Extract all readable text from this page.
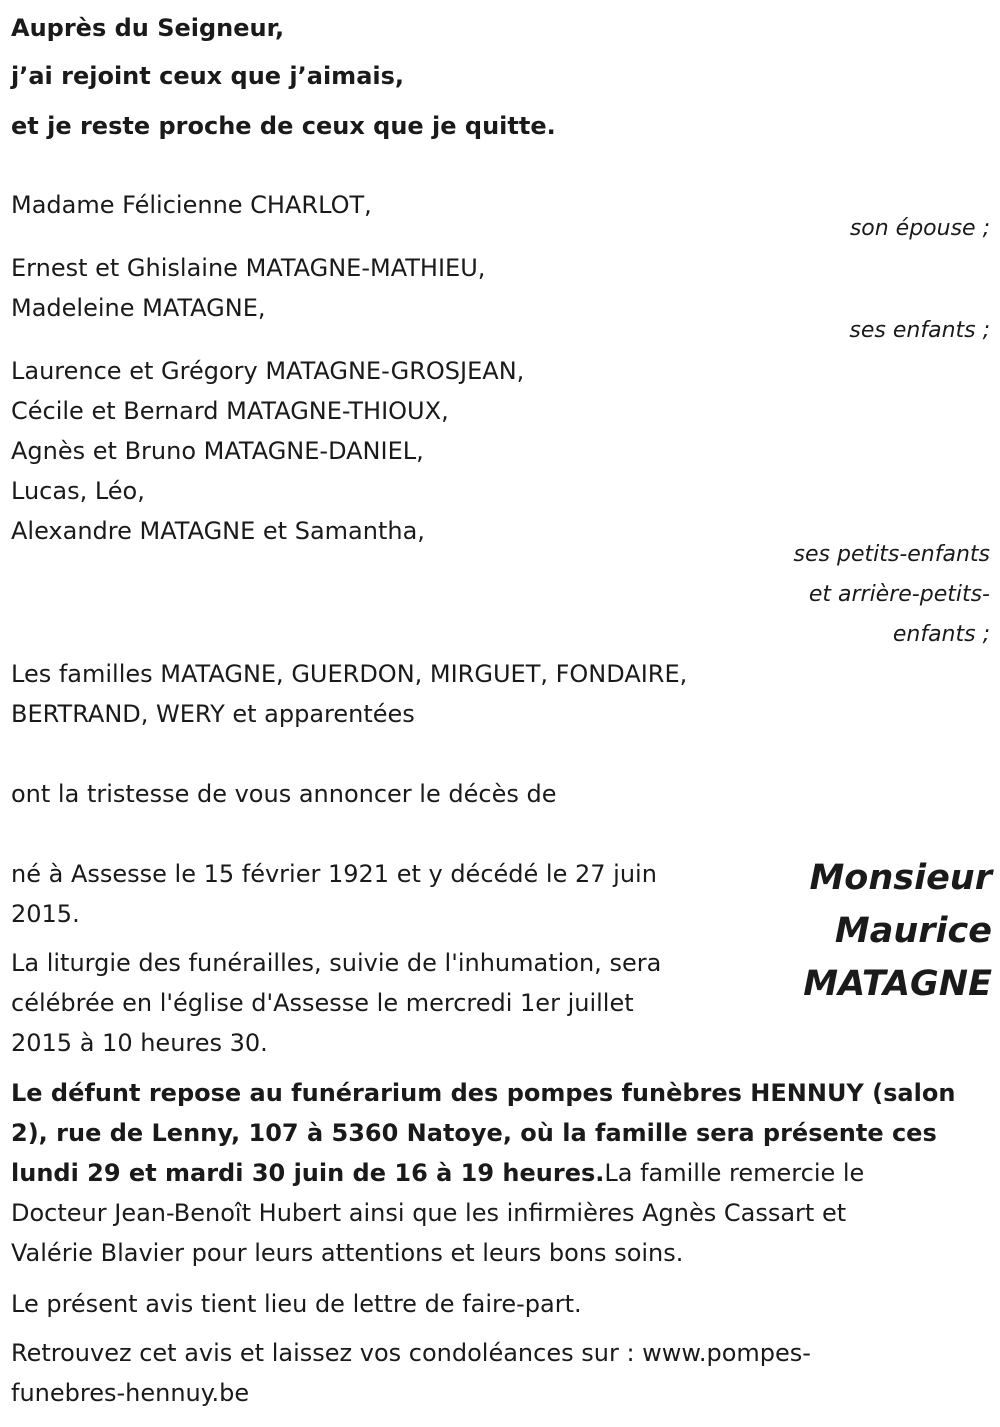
Auprès du Seigneur,
j’ai rejoint ceux que j’aimais,
et je reste proche de ceux que je quitte.
Madame Félicienne CHARLOT,
son épouse ;
Ernest et Ghislaine MATAGNE-MATHIEU,
Madeleine MATAGNE,
ses enfants ;
Laurence et Grégory MATAGNE-GROSJEAN,
Cécile et Bernard MATAGNE-THIOUX,
Agnès et Bruno MATAGNE-DANIEL,
Lucas, Léo,
Alexandre MATAGNE et Samantha,
ses petits-enfants
et arrière-petits-
enfants ;
Les familles MATAGNE, GUERDON, MIRGUET, FONDAIRE,
BERTRAND, WERY et apparentées
ont la tristesse de vous annoncer le décès de
Monsieur
Maurice
MATAGNE
né à Assesse le 15 février 1921 et y décédé le 27 juin
2015.
La liturgie des funérailles, suivie de l'inhumation, sera
célébrée en l'église d'Assesse le mercredi 1er juillet
2015 à 10 heures 30.
Le défunt repose au funérarium des pompes funèbres HENNUY (salon
2), rue de Lenny, 107 à 5360 Natoye, où la famille sera présente ces
lundi 29 et mardi 30 juin de 16 à 19 heures.La famille remercie le
Docteur Jean-Benoît Hubert ainsi que les infirmières Agnès Cassart et
Valérie Blavier pour leurs attentions et leurs bons soins.
Le présent avis tient lieu de lettre de faire-part.
Retrouvez cet avis et laissez vos condoléances sur : www.pompes-
funebres-hennuy.be
